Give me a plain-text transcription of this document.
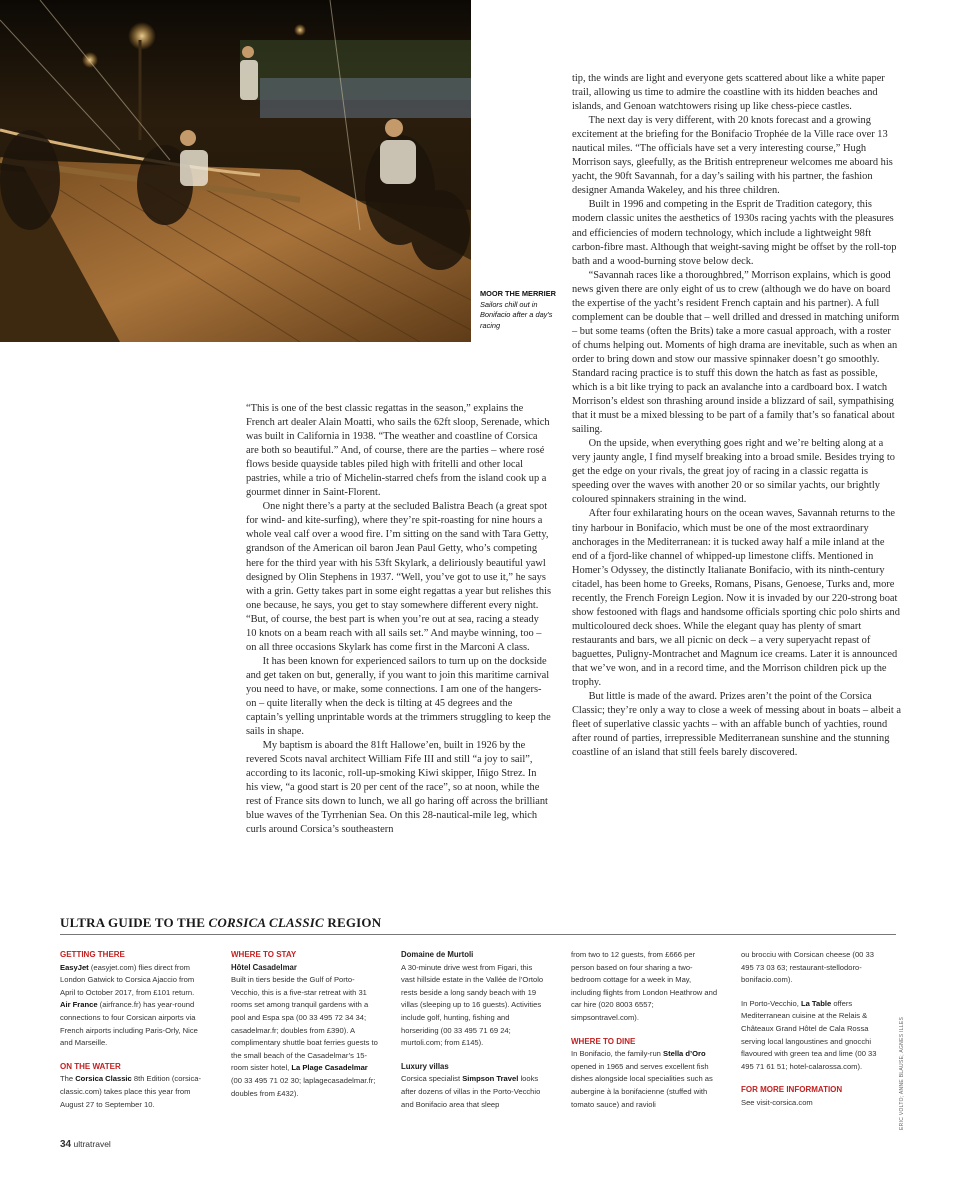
MOOR THE MERRIER
Sailors chill out in Bonifacio after a day's racing

“This is one of the best classic regattas in the season,” explains the French art dealer Alain Moatti, who sails the 62ft sloop, Serenade, which was built in California in 1938. “The weather and coastline of Corsica are both so beautiful.” And, of course, there are the parties – where rosé flows beside quayside tables piled high with fritelli and other local pastries, while a trio of Michelin-starred chefs from the island cook up a gourmet dinner in Saint-Florent.

One night there’s a party at the secluded Balistra Beach (a great spot for wind- and kite-surfing), where they’re spit-roasting for nine hours a whole veal calf over a wood fire. I’m sitting on the sand with Tara Getty, grandson of the American oil baron Jean Paul Getty, who’s competing here for the third year with his 53ft Skylark, a deliriously beautiful yawl designed by Olin Stephens in 1937. “Well, you’ve got to use it,” he says with a grin. Getty takes part in some eight regattas a year but relishes this one because, he says, you get to stay somewhere different every night. “But, of course, the best part is when you’re out at sea, racing a steady 10 knots on a beam reach with all sails set.” And maybe winning, too – on all three occasions Skylark has come first in the Marconi A class.

It has been known for experienced sailors to turn up on the dockside and get taken on but, generally, if you want to join this maritime carnival you need to have, or make, some connections. I am one of the hangers-on – quite literally when the deck is tilting at 45 degrees and the captain’s yelling unprintable words at the trimmers struggling to keep the sails in shape.

My baptism is aboard the 81ft Hallowe’en, built in 1926 by the revered Scots naval architect William Fife III and still “a joy to sail”, according to its laconic, roll-up-smoking Kiwi skipper, Iñigo Strez. In his view, “a good start is 20 per cent of the race”, so at noon, while the rest of France sits down to lunch, we all go haring off across the brilliant blue waves of the Tyrrhenian Sea. On this 28-nautical-mile leg, which curls around Corsica’s southeastern

tip, the winds are light and everyone gets scattered about like a white paper trail, allowing us time to admire the coastline with its hidden beaches and islands, and Genoan watchtowers rising up like chess-piece castles.

The next day is very different, with 20 knots forecast and a growing excitement at the briefing for the Bonifacio Trophée de la Ville race over 13 nautical miles. “The officials have set a very interesting course,” Hugh Morrison says, gleefully, as the British entrepreneur welcomes me aboard his yacht, the 90ft Savannah, for a day’s sailing with his partner, the fashion designer Amanda Wakeley, and his three children.

Built in 1996 and competing in the Esprit de Tradition category, this modern classic unites the aesthetics of 1930s racing yachts with the pleasures and efficiencies of modern technology, which include a lightweight 98ft carbon-fibre mast. Although that weight-saving might be offset by the roll-top bath and a wood-burning stove below deck.

“Savannah races like a thoroughbred,” Morrison explains, which is good news given there are only eight of us to crew (although we do have on board the expertise of the yacht’s resident French captain and his partner). A full complement can be double that – well drilled and dressed in matching uniform – but some teams (often the Brits) take a more casual approach, with a roster of chums helping out. Moments of high drama are inevitable, such as when an order to bring down and stow our massive spinnaker doesn’t go smoothly. Standard racing practice is to stuff this down the hatch as fast as possible, which is a bit like trying to pack an avalanche into a cardboard box. I watch Morrison’s eldest son thrashing around inside a blizzard of sail, sympathising that it must be a mixed blessing to be part of a family that’s so fanatical about sailing.

On the upside, when everything goes right and we’re belting along at a very jaunty angle, I find myself breaking into a broad smile. Besides trying to get the edge on your rivals, the great joy of racing in a classic regatta is speeding over the waves with another 20 or so similar yachts, our brightly coloured spinnakers straining in the wind.

After four exhilarating hours on the ocean waves, Savannah returns to the tiny harbour in Bonifacio, which must be one of the most extraordinary anchorages in the Mediterranean: it is tucked away half a mile inland at the end of a fjord-like channel of whipped-up limestone cliffs. Mentioned in Homer’s Odyssey, the distinctly Italianate Bonifacio, with its ninth-century citadel, has been home to Greeks, Romans, Pisans, Genoese, Turks and, more recently, the French Foreign Legion. Now it is invaded by our 220-strong boat show festooned with flags and handsome officials sporting chic polo shirts and multicoloured deck shoes. While the elegant quay has plenty of smart restaurants and bars, we all picnic on deck – a very superyacht repast of baguettes, Puligny-Montrachet and Magnum ice creams. Later it is announced that we’ve won, and in a record time, and the Morrison children pick up the trophy.

But little is made of the award. Prizes aren’t the point of the Corsica Classic; they’re only a way to close a week of messing about in boats – albeit a fleet of superlative classic yachts – with an affable bunch of yachties, round after round of parties, irrepressible Mediterranean sunshine and the stunning coastline of an island that still feels barely discovered.

ULTRA GUIDE TO THE CORSICA CLASSIC REGION
GETTING THERE

EasyJet (easyjet.com) flies direct from London Gatwick to Corsica Ajaccio from April to October 2017, from £101 return.

Air France (airfrance.fr) has year-round connections to four Corsican airports via French airports including Paris-Orly, Nice and Marseille.

ON THE WATER

The Corsica Classic 8th Edition (corsica-classic.com) takes place this year from August 27 to September 10.

WHERE TO STAY
Hôtel Casadelmar

Built in tiers beside the Gulf of Porto-Vecchio, this is a five-star retreat with 31 rooms set among tranquil gardens with a pool and Espa spa (00 33 495 72 34 34; casadelmar.fr; doubles from £390). A complimentary shuttle boat ferries guests to the small beach of the Casadelmar’s 15-room sister hotel, La Plage Casadelmar (00 33 495 71 02 30; laplagecasadelmar.fr; doubles from £432).

Domaine de Murtoli

A 30-minute drive west from Figari, this vast hillside estate in the Vallée de l’Ortolo rests beside a long sandy beach with 19 villas (sleeping up to 16 guests). Activities include golf, hunting, fishing and horseriding (00 33 495 71 69 24; murtoli.com; from £145).

Luxury villas

Corsica specialist Simpson Travel looks after dozens of villas in the Porto-Vecchio and Bonifacio area that sleep

from two to 12 guests, from £666 per person based on four sharing a two-bedroom cottage for a week in May, including flights from London Heathrow and car hire (020 8003 6557; simpsontravel.com).

WHERE TO DINE

In Bonifacio, the family-run Stella d’Oro opened in 1965 and serves excellent fish dishes alongside local specialities such as aubergine à la bonifacienne (stuffed with tomato sauce) and ravioli

ou brocciu with Corsican cheese (00 33 495 73 03 63; restaurant-stellodoro-bonifacio.com).

In Porto-Vecchio, La Table offers Mediterranean cuisine at the Relais & Châteaux Grand Hôtel de Cala Rossa serving local langoustines and gnocchi flavoured with green tea and lime (00 33 495 71 61 51; hotel-calarossa.com).

FOR MORE INFORMATION

See visit-corsica.com

34 ultratravel
ERIC VOLTO; ANNE BLAUSE; AGNES ILLES
